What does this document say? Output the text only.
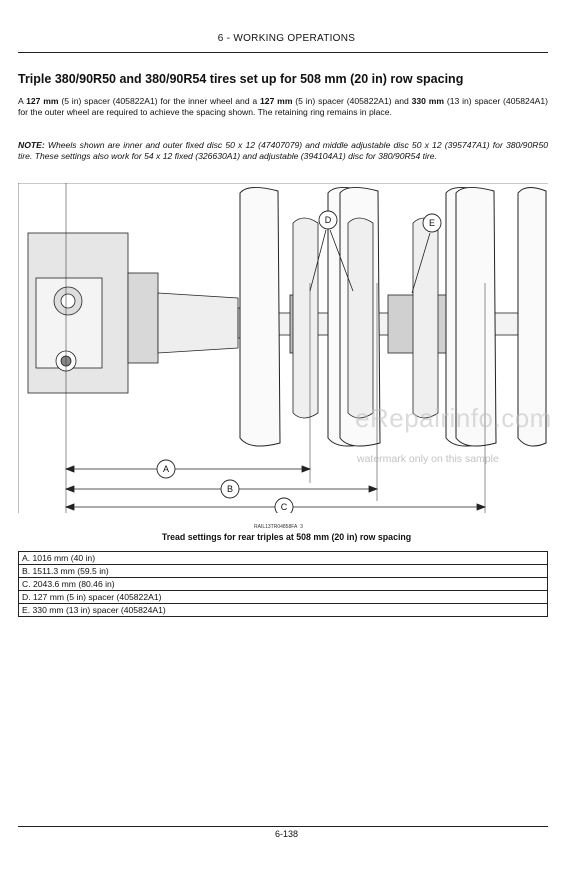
6 - WORKING OPERATIONS
Triple 380/90R50 and 380/90R54 tires set up for 508 mm (20 in) row spacing
A 127 mm (5 in) spacer (405822A1) for the inner wheel and a 127 mm (5 in) spacer (405822A1) and 330 mm (13 in) spacer (405824A1) for the outer wheel are required to achieve the spacing shown. The retaining ring remains in place.
NOTE: Wheels shown are inner and outer fixed disc 50 x 12 (47407079) and middle adjustable disc 50 x 12 (395747A1) for 380/90R50 tire. These settings also work for 54 x 12 fixed (326630A1) and adjustable (394104A1) disc for 380/90R54 tire.
D	E
A
B
C
eRepairinfo.com
watermark only on this sample
RAIL13TR04858FA 3
Tread settings for rear triples at 508 mm (20 in) row spacing
A. 1016 mm (40 in)
B. 1511.3 mm (59.5 in)
C. 2043.6 mm (80.46 in)
D. 127 mm (5 in) spacer (405822A1)
E. 330 mm (13 in) spacer (405824A1)
6-138
